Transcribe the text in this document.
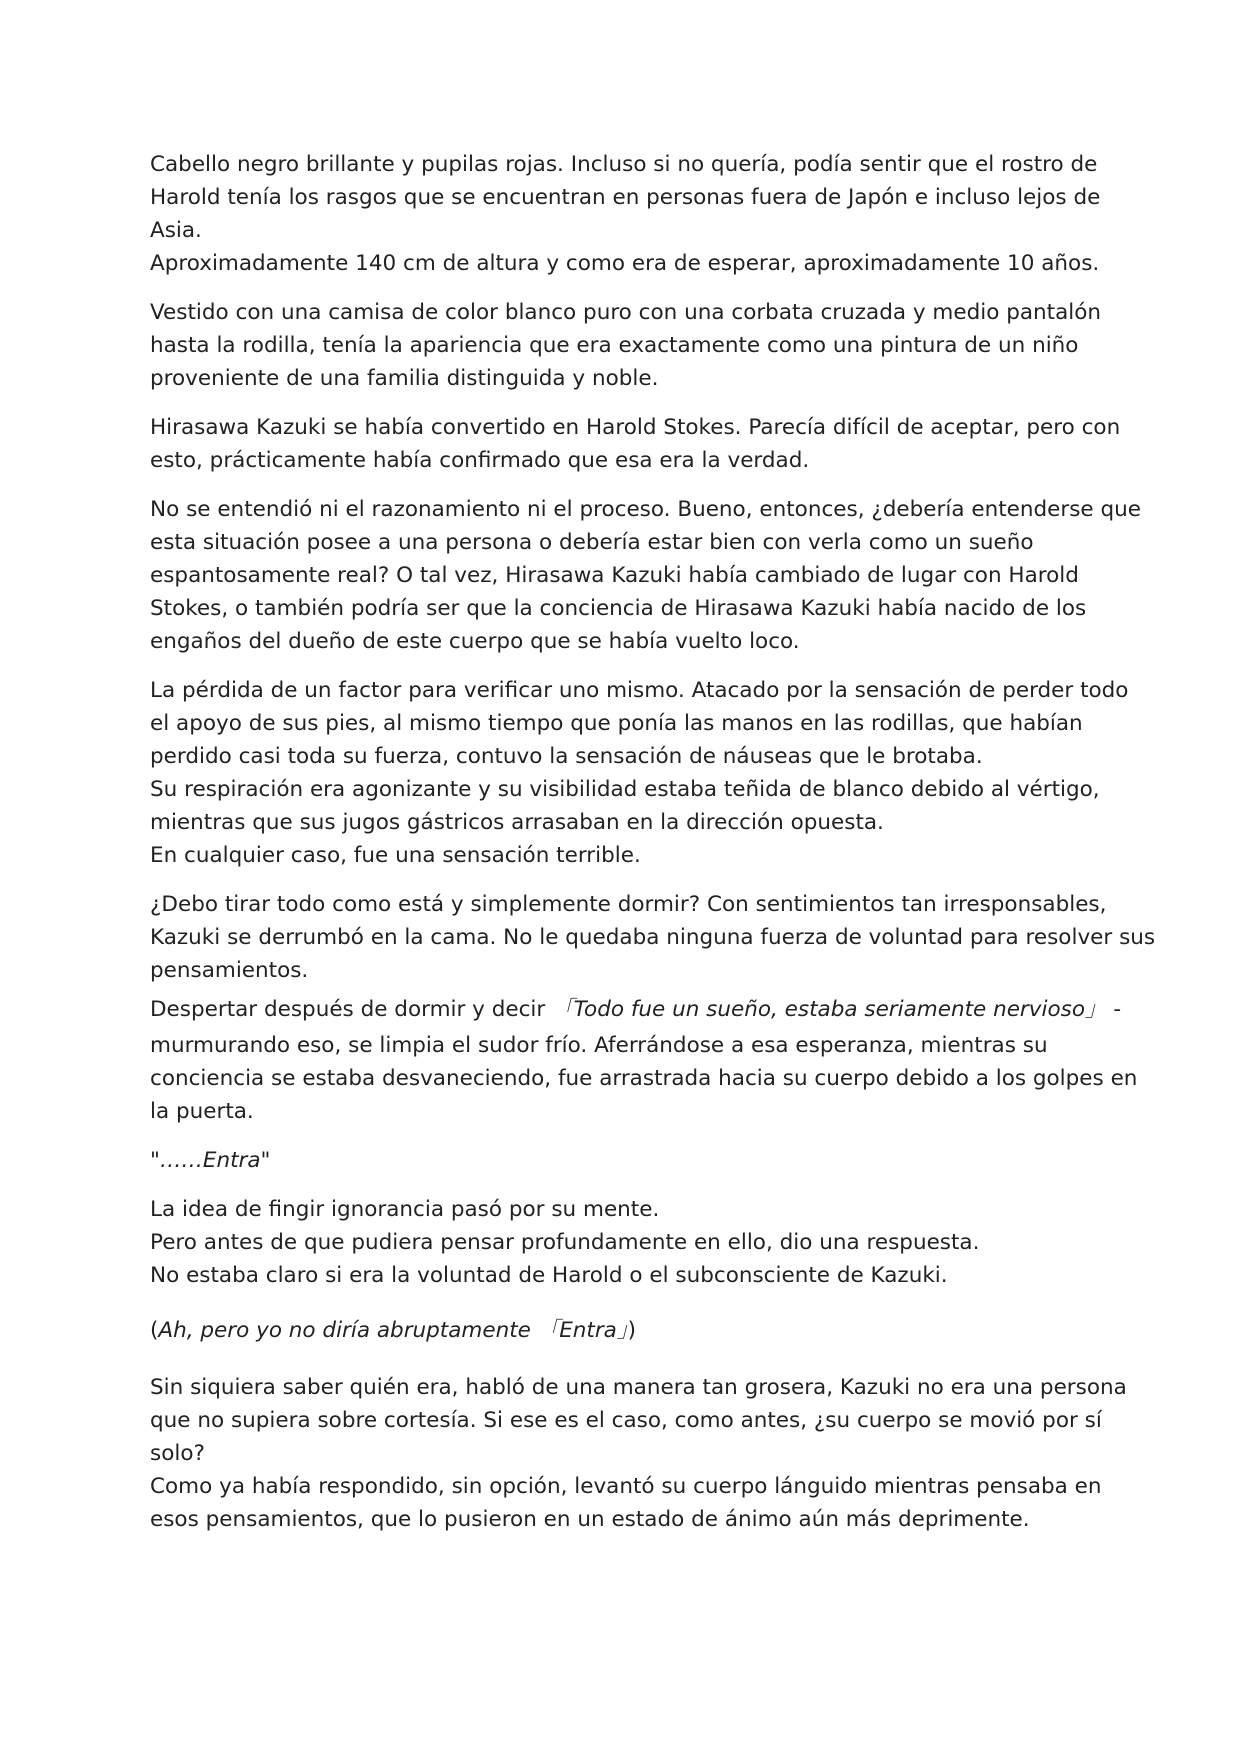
Cabello negro brillante y pupilas rojas. Incluso si no quería, podía sentir que el rostro de
Harold tenía los rasgos que se encuentran en personas fuera de Japón e incluso lejos de
Asia.
Aproximadamente 140 cm de altura y como era de esperar, aproximadamente 10 años.
Vestido con una camisa de color blanco puro con una corbata cruzada y medio pantalón
hasta la rodilla, tenía la apariencia que era exactamente como una pintura de un niño
proveniente de una familia distinguida y noble.
Hirasawa Kazuki se había convertido en Harold Stokes. Parecía difícil de aceptar, pero con
esto, prácticamente había confirmado que esa era la verdad.
No se entendió ni el razonamiento ni el proceso. Bueno, entonces, ¿debería entenderse que
esta situación posee a una persona o debería estar bien con verla como un sueño
espantosamente real? O tal vez, Hirasawa Kazuki había cambiado de lugar con Harold
Stokes, o también podría ser que la conciencia de Hirasawa Kazuki había nacido de los
engaños del dueño de este cuerpo que se había vuelto loco.
La pérdida de un factor para verificar uno mismo. Atacado por la sensación de perder todo
el apoyo de sus pies, al mismo tiempo que ponía las manos en las rodillas, que habían
perdido casi toda su fuerza, contuvo la sensación de náuseas que le brotaba.
Su respiración era agonizante y su visibilidad estaba teñida de blanco debido al vértigo,
mientras que sus jugos gástricos arrasaban en la dirección opuesta.
En cualquier caso, fue una sensación terrible.
¿Debo tirar todo como está y simplemente dormir? Con sentimientos tan irresponsables,
Kazuki se derrumbó en la cama. No le quedaba ninguna fuerza de voluntad para resolver sus
pensamientos.
Despertar después de dormir y decir 「Todo fue un sueño, estaba seriamente nervioso」 -
murmurando eso, se limpia el sudor frío. Aferrándose a esa esperanza, mientras su
conciencia se estaba desvaneciendo, fue arrastrada hacia su cuerpo debido a los golpes en
la puerta.
"……Entra"
La idea de fingir ignorancia pasó por su mente.
Pero antes de que pudiera pensar profundamente en ello, dio una respuesta.
No estaba claro si era la voluntad de Harold o el subconsciente de Kazuki.
(Ah, pero yo no diría abruptamente 「Entra」)
Sin siquiera saber quién era, habló de una manera tan grosera, Kazuki no era una persona
que no supiera sobre cortesía. Si ese es el caso, como antes, ¿su cuerpo se movió por sí
solo?
Como ya había respondido, sin opción, levantó su cuerpo lánguido mientras pensaba en
esos pensamientos, que lo pusieron en un estado de ánimo aún más deprimente.
